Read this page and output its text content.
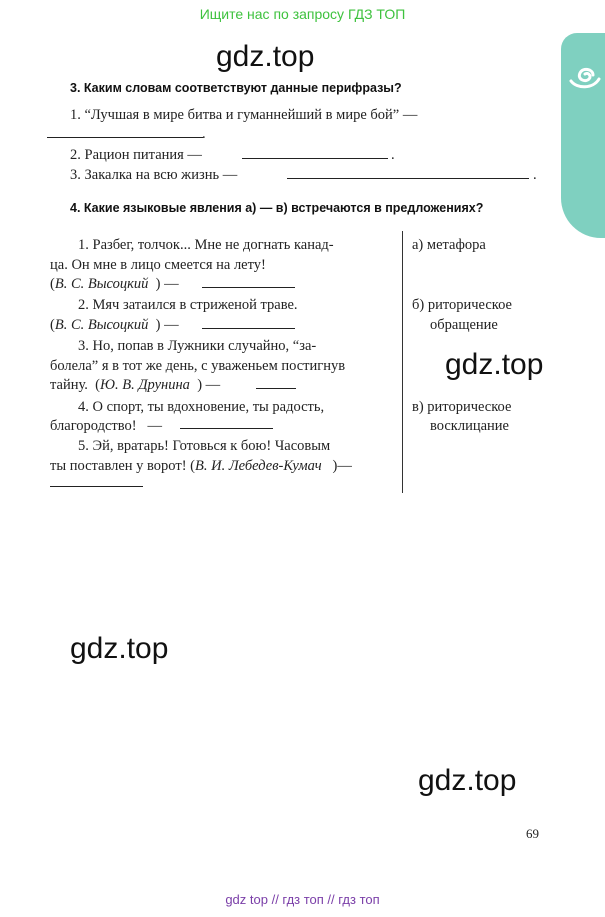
Ищите нас по запросу ГДЗ ТОП
gdz.top
gdz.top
gdz.top
gdz.top
3. Каким словам соответствуют данные перифразы?
1. “Лучшая в мире битва и гуманнейший в мире бой” —
.
2. Рацион питания —	.
3. Закалка на всю жизнь —	.
4. Какие языковые явления а) — в) встречаются в предложениях?
1. Разбег, толчок... Мне не догнать канад-
ца. Он мне в лицо смеется на лету!
(В. С. Высоцкий  ) —
2. Мяч затаился в стриженой траве.
(В. С. Высоцкий  ) —
3. Но, попав в Лужники случайно, “за-
болела” я в тот же день, с уваженьем постигнув
тайну.  (Ю. В. Друнина  ) —
4. О спорт, ты вдохновение, ты радость,
благородство!   —
5. Эй, вратарь! Готовься к бою! Часовым
ты поставлен у ворот! (В. И. Лебедев-Кумач   )—
а) метафора
б) риторическое
обращение
в) риторическое
восклицание
69
gdz top // гдз топ // гдз топ
